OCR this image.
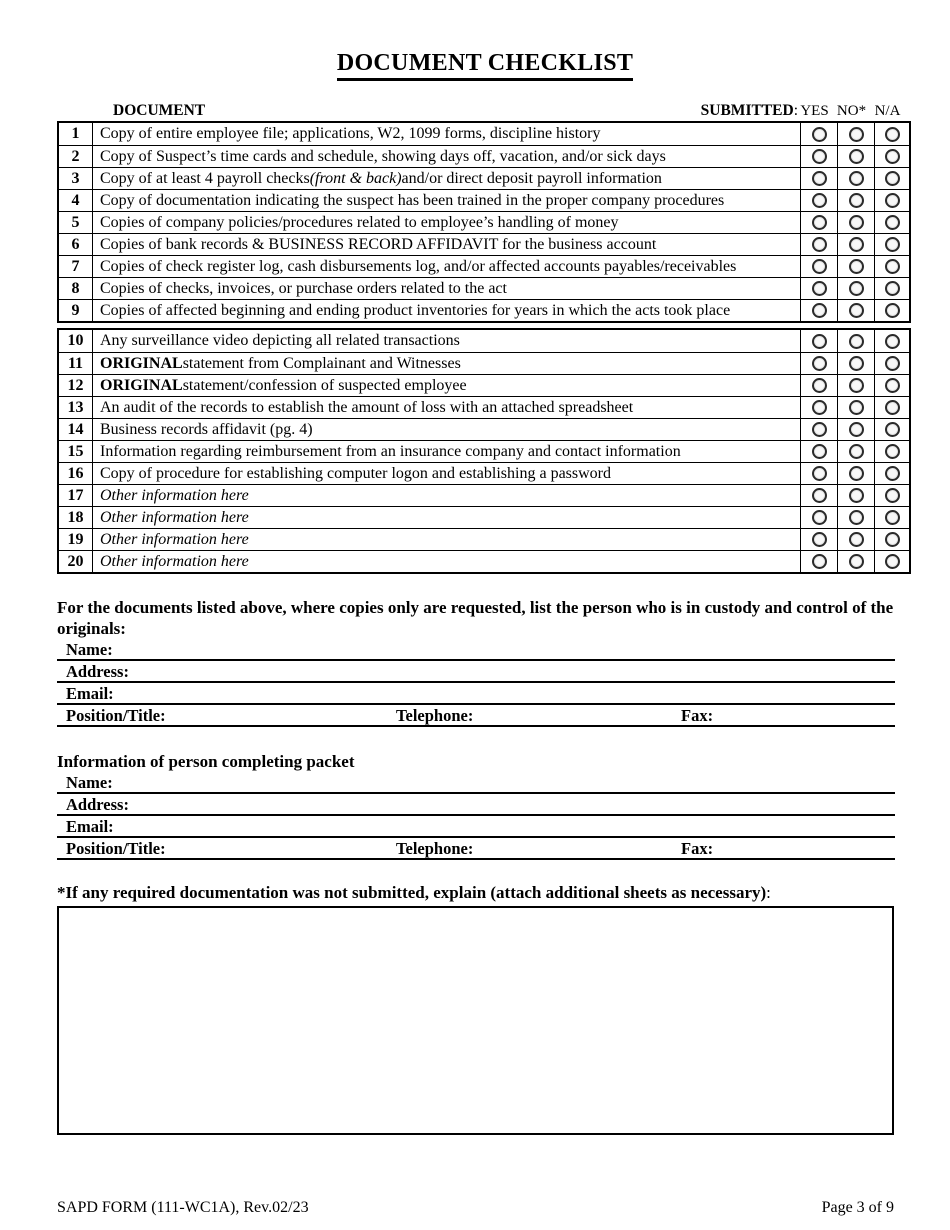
DOCUMENT CHECKLIST
DOCUMENT	SUBMITTED: YES NO* N/A
1	Copy of entire employee file; applications, W2, 1099 forms, discipline history
2	Copy of Suspect’s time cards and schedule, showing days off, vacation, and/or sick days
3	Copy of at least 4 payroll checks (front & back) and/or direct deposit payroll information
4	Copy of documentation indicating the suspect has been trained in the proper company procedures
5	Copies of company policies/procedures related to employee’s handling of money
6	Copies of bank records & BUSINESS RECORD AFFIDAVIT for the business account
7	Copies of check register log, cash disbursements log, and/or affected accounts payables/receivables
8	Copies of checks, invoices, or purchase orders related to the act
9	Copies of affected beginning and ending product inventories for years in which the acts took place
10	Any surveillance video depicting all related transactions
11	ORIGINAL statement from Complainant and Witnesses
12	ORIGINAL statement/confession of suspected employee
13	An audit of the records to establish the amount of loss with an attached spreadsheet
14	Business records affidavit (pg. 4)
15	Information regarding reimbursement from an insurance company and contact information
16	Copy of procedure for establishing computer logon and establishing a password
17	Other information here
18	Other information here
19	Other information here
20	Other information here
For the documents listed above, where copies only are requested, list the person who is in custody and control of the originals:
Name:
Address:
Email:
Position/Title:	Telephone:	Fax:
Information of person completing packet
Name:
Address:
Email:
Position/Title:	Telephone:	Fax:
*If any required documentation was not submitted, explain (attach additional sheets as necessary):
SAPD FORM (111-WC1A), Rev.02/23	Page 3 of 9
